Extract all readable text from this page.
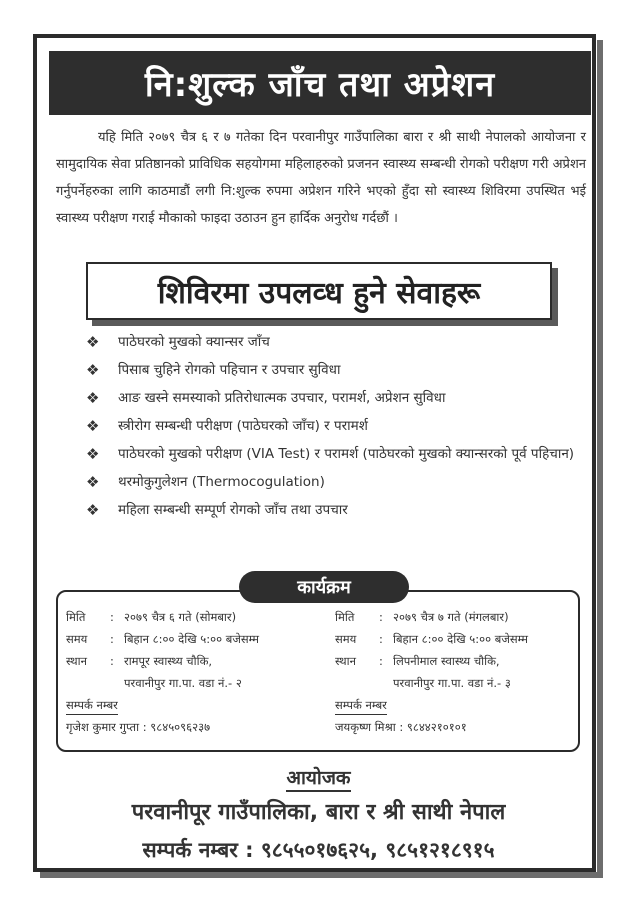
नि:शुल्क जाँच तथा अप्रेशन
यहि मिति २०७९ चैत्र ६ र ७ गतेका दिन परवानीपुर गाउँपालिका बारा र श्री साथी नेपालको आयोजना र सामुदायिक सेवा प्रतिष्ठानको प्राविधिक सहयोगमा महिलाहरुको प्रजनन स्वास्थ्य सम्बन्धी रोगको परीक्षण गरी अप्रेशन गर्नुपर्नेहरुका लागि काठमाडौं लगी नि:शुल्क रुपमा अप्रेशन गरिने भएको हुँदा सो स्वास्थ्य शिविरमा उपस्थित भई स्वास्थ्य परीक्षण गराई मौकाको फाइदा उठाउन हुन हार्दिक अनुरोध गर्दछौं ।
शिविरमा उपलव्ध हुने सेवाहरू
❖	पाठेघरको मुखको क्यान्सर जाँच
❖	पिसाब चुहिने रोगको पहिचान र उपचार सुविधा
❖	आङ खस्ने समस्याको प्रतिरोधात्मक उपचार, परामर्श, अप्रेशन सुविधा
❖	स्त्रीरोग सम्बन्धी परीक्षण (पाठेघरको जाँच) र परामर्श
❖	पाठेघरको मुखको परीक्षण (VIA Test) र परामर्श (पाठेघरको मुखको क्यान्सरको पूर्व पहिचान)
❖	थरमोकुगुलेशन (Thermocogulation)
❖	महिला सम्बन्धी सम्पूर्ण रोगको जाँच तथा उपचार
कार्यक्रम
मिति	: २०७९ चैत्र ६ गते (सोमबार)
समय	: बिहान ८:०० देखि ५:०० बजेसम्म
स्थान	: रामपूर स्वास्थ्य चौकि,
परवानीपुर गा.पा. वडा नं.- २
सम्पर्क नम्बर
गृजेश कुमार गुप्ता : ९८४५०९६२३७
मिति	: २०७९ चैत्र ७ गते (मंगलबार)
समय	: बिहान ८:०० देखि ५:०० बजेसम्म
स्थान	: लिपनीमाल स्वास्थ्य चौकि,
परवानीपुर गा.पा. वडा नं.- ३
सम्पर्क नम्बर
जयकृष्ण मिश्रा : ९८४४२१०१०१
आयोजक
परवानीपूर गाउँपालिका, बारा र श्री साथी नेपाल
सम्पर्क नम्बर : ९८५५०१७६२५, ९८५१२१८९१५
